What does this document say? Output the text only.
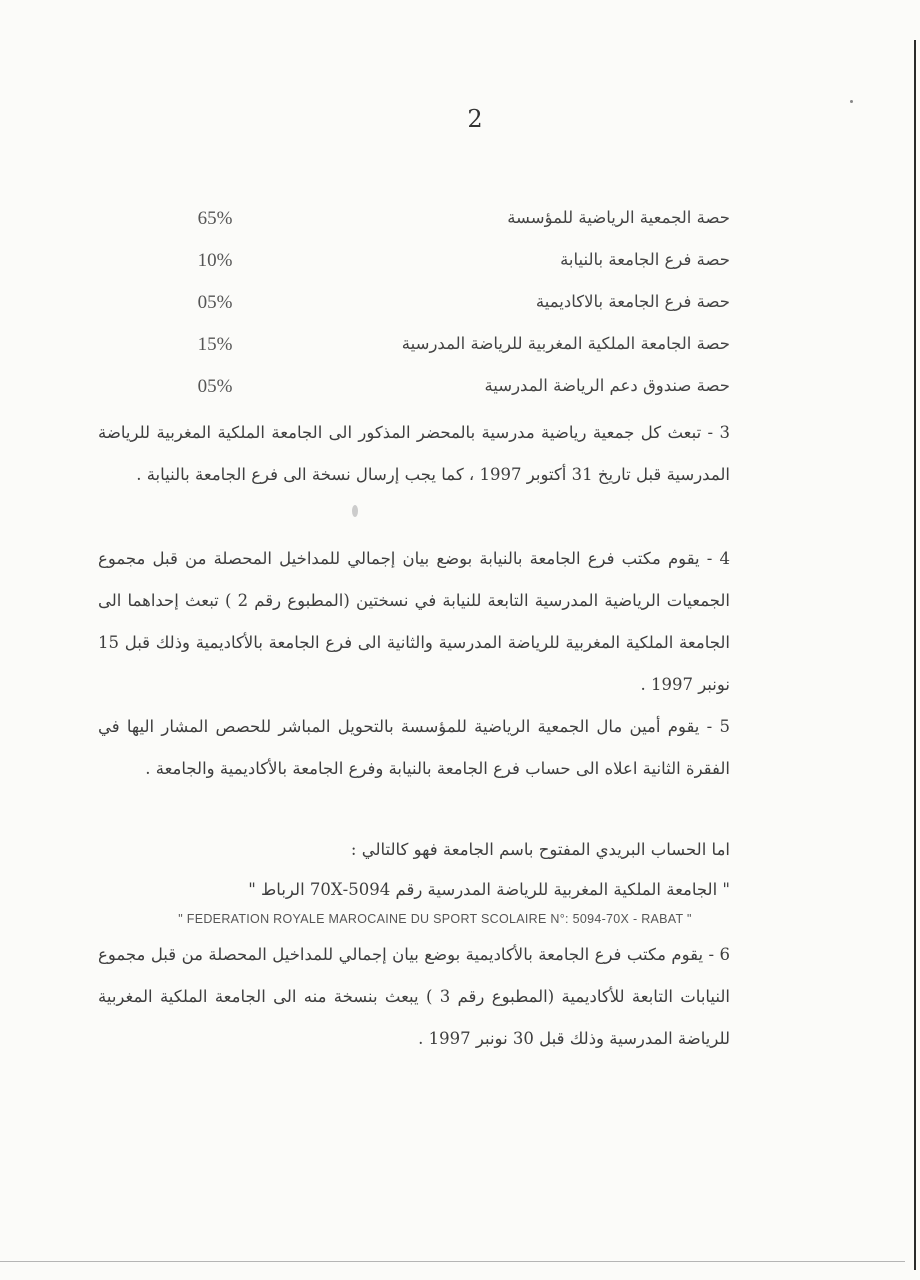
2
65%	حصة الجمعية الرياضية للمؤسسة
10%	حصة فرع الجامعة بالنيابة
05%	حصة فرع الجامعة بالاكاديمية
15%	حصة الجامعة الملكية المغربية للرياضة المدرسية
05%	حصة صندوق دعم الرياضة المدرسية
3 - تبعث كل جمعية رياضية مدرسية بالمحضر المذكور الى الجامعة الملكية المغربية للرياضة المدرسية قبل تاريخ 31 أكتوبر 1997 ، كما يجب إرسال نسخة الى فرع الجامعة بالنيابة .
4 - يقوم مكتب فرع الجامعة بالنيابة بوضع بيان إجمالي للمداخيل المحصلة من قبل مجموع الجمعيات الرياضية المدرسية التابعة للنيابة في نسختين (المطبوع رقم 2 ) تبعث إحداهما الى الجامعة الملكية المغربية للرياضة المدرسية والثانية الى فرع الجامعة بالأكاديمية وذلك قبل 15 نونبر 1997 .
5 - يقوم أمين مال الجمعية الرياضية للمؤسسة بالتحويل المباشر للحصص المشار اليها في الفقرة الثانية اعلاه الى حساب فرع الجامعة بالنيابة وفرع الجامعة بالأكاديمية والجامعة .
اما الحساب البريدي المفتوح باسم الجامعة فهو كالتالي :
" الجامعة الملكية المغربية للرياضة المدرسية رقم 5094-70X الرباط "
" FEDERATION ROYALE MAROCAINE DU SPORT SCOLAIRE N°: 5094-70X - RABAT "
6 - يقوم مكتب فرع الجامعة بالأكاديمية بوضع بيان إجمالي للمداخيل المحصلة من قبل مجموع النيابات التابعة للأكاديمية (المطبوع رقم 3 ) يبعث بنسخة منه الى الجامعة الملكية المغربية للرياضة المدرسية وذلك قبل 30 نونبر 1997 .
